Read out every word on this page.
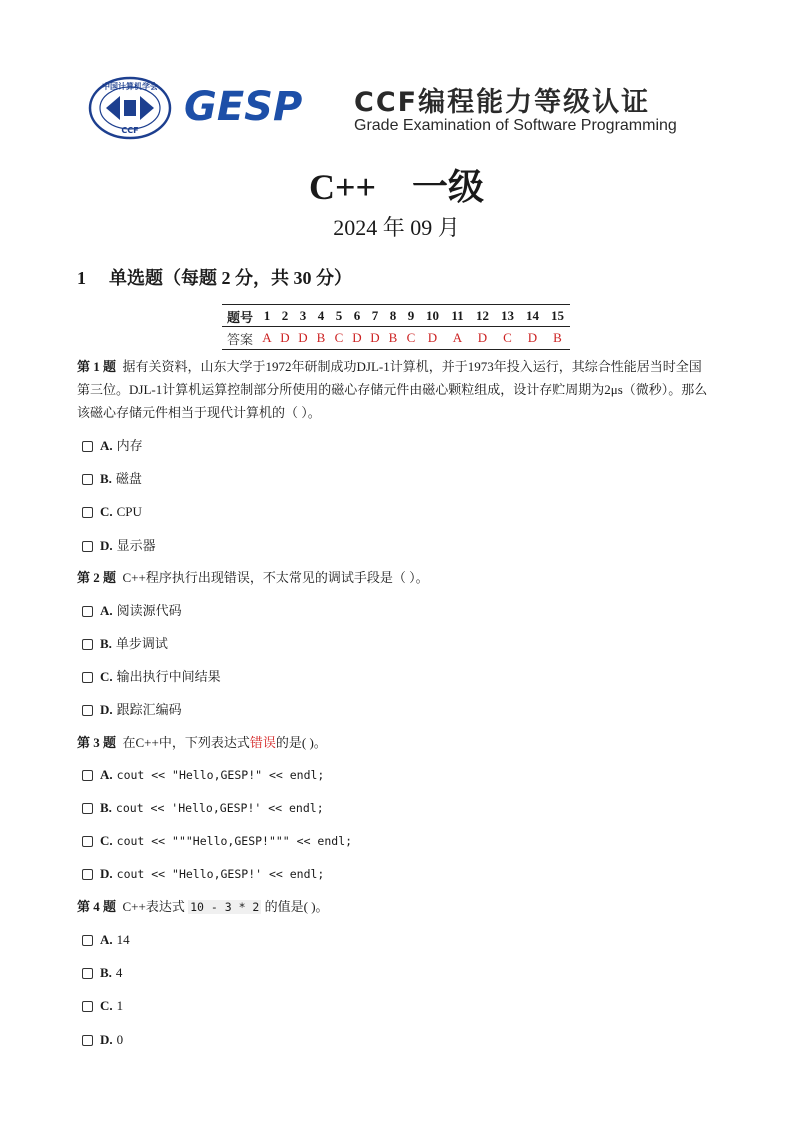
中国计算机学会
CCF
GESP CCF编程能力等级认证
Grade Examination of Software Programming
C++　一级
2024 年 09 月
1 单选题（每题 2 分，共 30 分）
题号	1	2	3	4	5	6	7	8	9	10	11	12	13	14	15
答案	A	D	D	B	C	D	D	B	C	D	A	D	C	D	B
第 1 题 据有关资料，山东大学于1972年研制成功DJL-1计算机，并于1973年投入运行，其综合性能居当时全国第三位。DJL-1计算机运算控制部分所使用的磁心存储元件由磁心颗粒组成，设计存贮周期为2μs（微秒）。那么该磁心存储元件相当于现代计算机的（ ）。
A. 内存
B. 磁盘
C. CPU
D. 显示器
第 2 题 C++程序执行出现错误，不太常见的调试手段是（ ）。
A. 阅读源代码
B. 单步调试
C. 输出执行中间结果
D. 跟踪汇编码
第 3 题 在C++中，下列表达式错误的是( )。
A. cout << "Hello,GESP!" << endl;
B. cout << 'Hello,GESP!' << endl;
C. cout << """Hello,GESP!""" << endl;
D. cout << "Hello,GESP!' << endl;
第 4 题 C++表达式 10 - 3 * 2 的值是( )。
A. 14
B. 4
C. 1
D. 0
